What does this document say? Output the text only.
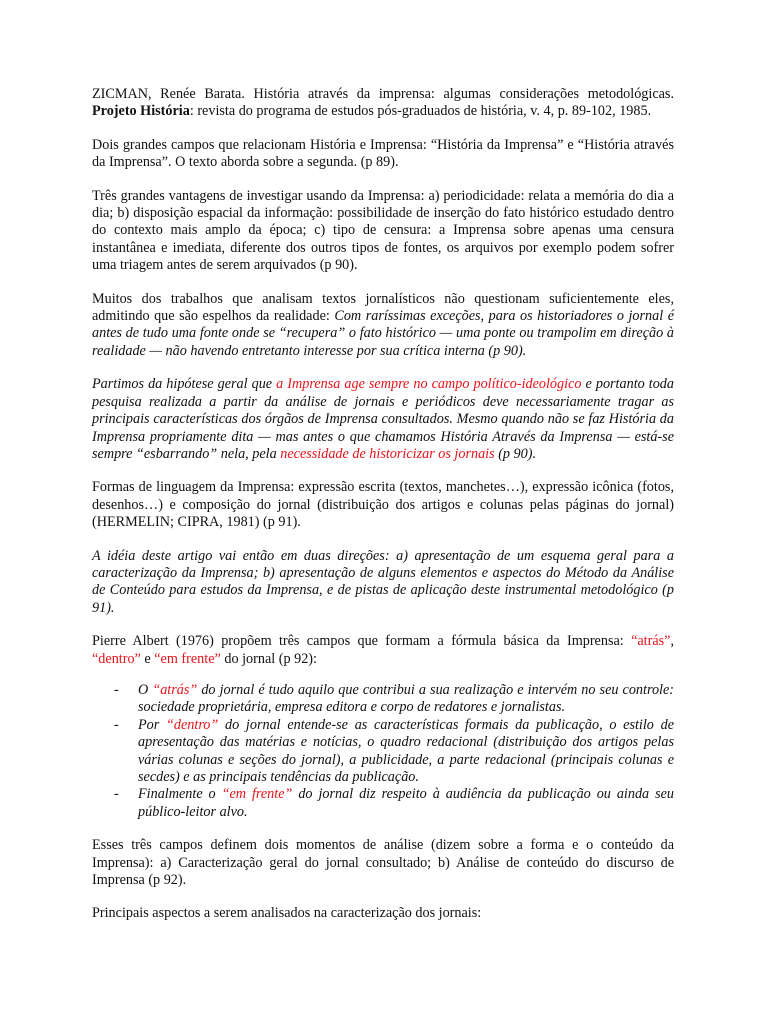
ZICMAN, Renée Barata. História através da imprensa: algumas considerações metodológicas. Projeto História: revista do programa de estudos pós-graduados de história, v. 4, p. 89-102, 1985.

Dois grandes campos que relacionam História e Imprensa: “História da Imprensa” e “História através da Imprensa”. O texto aborda sobre a segunda. (p 89).

Três grandes vantagens de investigar usando da Imprensa: a) periodicidade: relata a memória do dia a dia; b) disposição espacial da informação: possibilidade de inserção do fato histórico estudado dentro do contexto mais amplo da época; c) tipo de censura: a Imprensa sobre apenas uma censura instantânea e imediata, diferente dos outros tipos de fontes, os arquivos por exemplo podem sofrer uma triagem antes de serem arquivados (p 90).

Muitos dos trabalhos que analisam textos jornalísticos não questionam suficientemente eles, admitindo que são espelhos da realidade: Com raríssimas exceções, para os historiadores o jornal é antes de tudo uma fonte onde se “recupera” o fato histórico — uma ponte ou trampolim em direção à realidade — não havendo entretanto interesse por sua crítica interna (p 90).

Partimos da hipótese geral que a Imprensa age sempre no campo político-ideológico e portanto toda pesquisa realizada a partir da análise de jornais e periódicos deve necessariamente tragar as principais características dos órgãos de Imprensa consultados. Mesmo quando não se faz História da Imprensa propriamente dita — mas antes o que chamamos História Através da Imprensa — está-se sempre “esbarrando” nela, pela necessidade de historicizar os jornais (p 90).

Formas de linguagem da Imprensa: expressão escrita (textos, manchetes…), expressão icônica (fotos, desenhos…) e composição do jornal (distribuição dos artigos e colunas pelas páginas do jornal) (HERMELIN; CIPRA, 1981) (p 91).

A idéia deste artigo vai então em duas direções: a) apresentação de um esquema geral para a caracterização da Imprensa; b) apresentação de alguns elementos e aspectos do Método da Análise de Conteúdo para estudos da Imprensa, e de pistas de aplicação deste instrumental metodológico (p 91).

Pierre Albert (1976) propõem três campos que formam a fórmula básica da Imprensa: “atrás”, “dentro” e “em frente” do jornal (p 92):

- O “atrás” do jornal é tudo aquilo que contribui a sua realização e intervém no seu controle: sociedade proprietária, empresa editora e corpo de redatores e jornalistas.
- Por “dentro” do jornal entende-se as características formais da publicação, o estilo de apresentação das matérias e notícias, o quadro redacional (distribuição dos artigos pelas várias colunas e seções do jornal), a publicidade, a parte redacional (principais colunas e secdes) e as principais tendências da publicação.
- Finalmente o “em frente” do jornal diz respeito à audiência da publicação ou ainda seu público-leitor alvo.

Esses três campos definem dois momentos de análise (dizem sobre a forma e o conteúdo da Imprensa): a) Caracterização geral do jornal consultado; b) Análise de conteúdo do discurso de Imprensa (p 92).

Principais aspectos a serem analisados na caracterização dos jornais:
